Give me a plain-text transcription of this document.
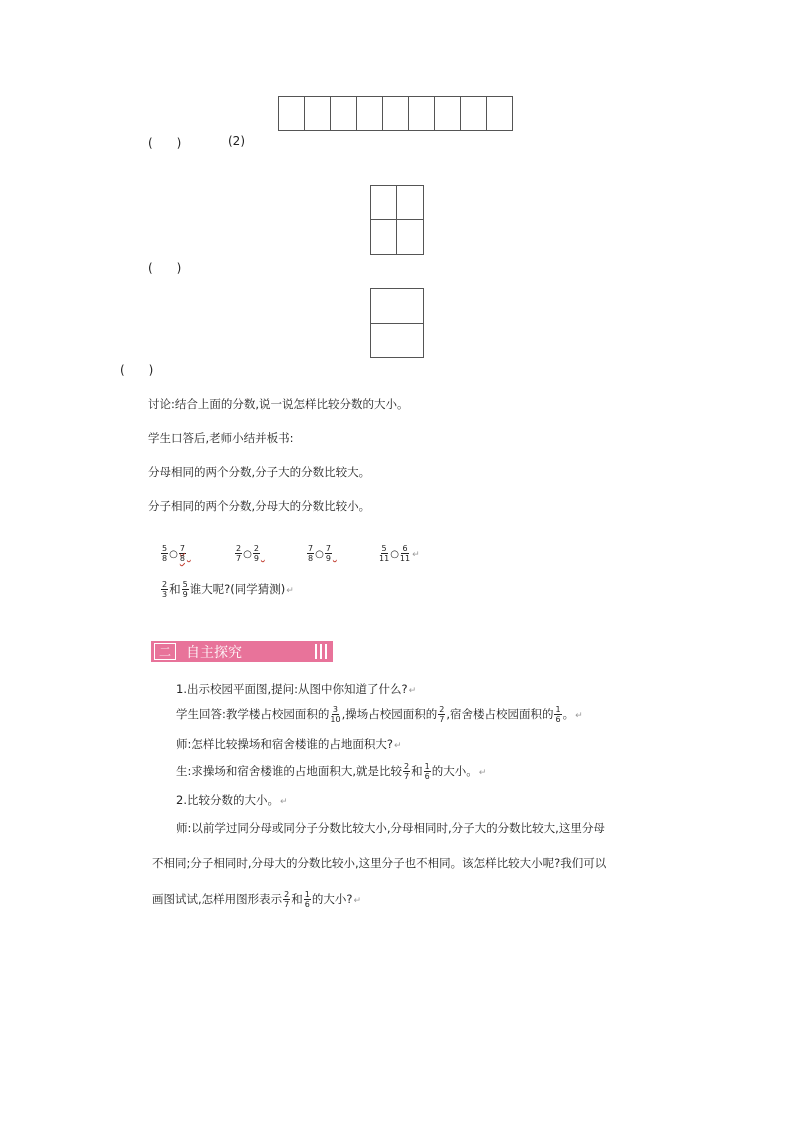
(　　)	(2)
(　　)
(　　)
讨论:结合上面的分数,说一说怎样比较分数的大小。
学生口答后,老师小结并板书:
分母相同的两个分数,分子大的分数比较大。
分子相同的两个分数,分母大的分数比较小。
$\frac{5}{8}$ ○ $\frac{7}{8}$
	$\frac{2}{7}$ ○ $\frac{2}{9}$
	$\frac{7}{8}$ ○ $\frac{7}{9}$
	$\frac{5}{11}$ ○ $\frac{6}{11}$ ↵
$\frac{2}{3}$ 和 $\frac{5}{9}$ 谁大呢?(同学猜测)↵
二	自主探究
1.出示校园平面图,提问:从图中你知道了什么?↵
学生回答:教学楼占校园面积的 $\frac{3}{10}$ ,操场占校园面积的 $\frac{2}{7}$ ,宿舍楼占校园面积的 $\frac{1}{6}$ 。↵
师:怎样比较操场和宿舍楼谁的占地面积大?↵
生:求操场和宿舍楼谁的占地面积大,就是比较 $\frac{2}{7}$ 和 $\frac{1}{6}$ 的大小。↵
2.比较分数的大小。↵
师:以前学过同分母或同分子分数比较大小,分母相同时,分子大的分数比较大,这里分母
不相同;分子相同时,分母大的分数比较小,这里分子也不相同。该怎样比较大小呢?我们可以
画图试试,怎样用图形表示 $\frac{2}{7}$ 和 $\frac{1}{6}$ 的大小?↵
